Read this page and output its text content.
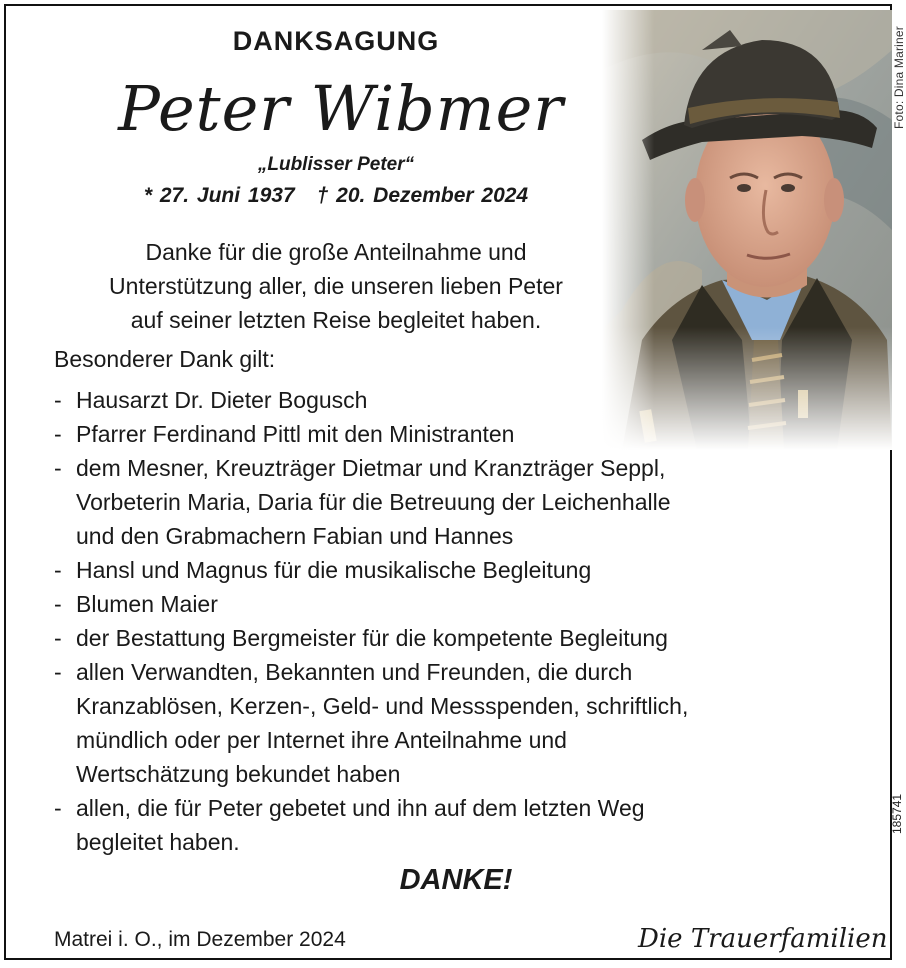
Foto: Dina Mariner
DANKSAGUNG
Peter Wibmer
„Lublisser Peter“
* 27. Juni 1937 † 20. Dezember 2024
Danke für die große Anteilnahme und
Unterstützung aller, die unseren lieben Peter
auf seiner letzten Reise begleitet haben.
Besonderer Dank gilt:
- Hausarzt Dr. Dieter Bogusch
- Pfarrer Ferdinand Pittl mit den Ministranten
- dem Mesner, Kreuzträger Dietmar und Kranzträger Seppl,
Vorbeterin Maria, Daria für die Betreuung der Leichenhalle
und den Grabmachern Fabian und Hannes
- Hansl und Magnus für die musikalische Begleitung
- Blumen Maier
- der Bestattung Bergmeister für die kompetente Begleitung
- allen Verwandten, Bekannten und Freunden, die durch
Kranzablösen, Kerzen-, Geld- und Messspenden, schriftlich,
mündlich oder per Internet ihre Anteilnahme und
Wertschätzung bekundet haben
- allen, die für Peter gebetet und ihn auf dem letzten Weg
begleitet haben.
185741
DANKE!
Matrei i. O., im Dezember 2024	Die Trauerfamilien
